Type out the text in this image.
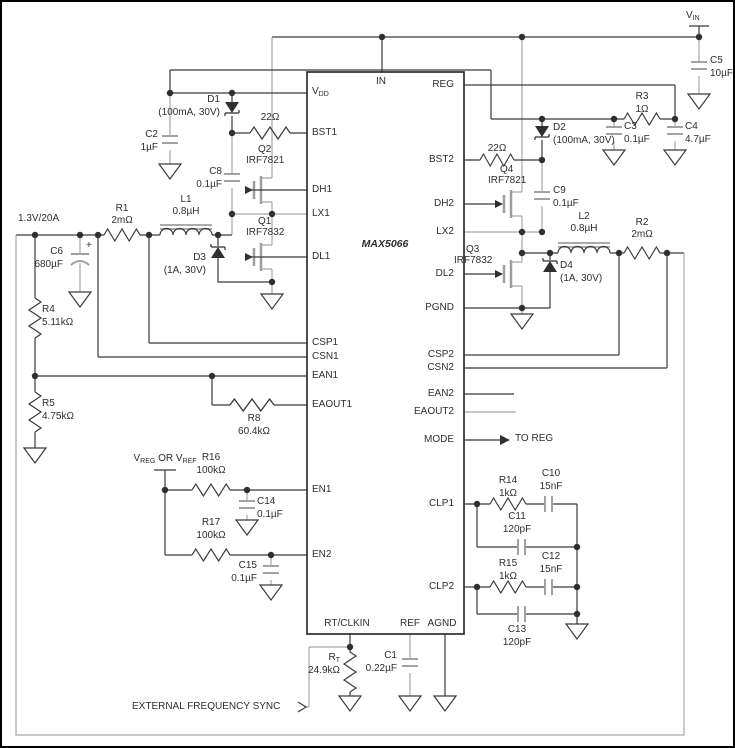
IN
$V_{DD}$
BST1
DH1
LX1
DL1
CSP1
CSN1
EAN1
EAOUT1
EN1
EN2
RT/CLKIN	REF AGND
REG
BST2
DH2
LX2
DL2
PGND
CSP2
CSN2
EAN2
EAOUT2
MODE
CLP1
CLP2
MAX5066
$V_{IN}$
1.3V/20A
$V_{REG}$ OR $V_{REF}$
TO REG
EXTERNAL FREQUENCY SYNC
+
C5
10µF
R3
1Ω
C3
0.1µF
C4
4.7µF
D2
(100mA, 30V)
22Ω
Q4
IRF7821
C9
0.1µF
L2
0.8µH
R2
2mΩ
Q3
IRF7832	D4
(1A, 30V)
C2
1µF
D1
(100mA, 30V)	22Ω
Q2
IRF7821
C8
0.1µF
L1
0.8µH
R1
2mΩ	Q1
IRF7832
D3
(1A, 30V)
C6
680µF
R4
5.11kΩ
R5
4.75kΩ	R8
60.4kΩ
R16
100kΩ
C14
0.1µF
R17
100kΩ
C15
0.1µF
R14
1kΩ
C10
15nF
C11
120pF
R15
1kΩ
C12
15nF
C13
120pF
$R_T$
24.9kΩ
C1
0.22µF
